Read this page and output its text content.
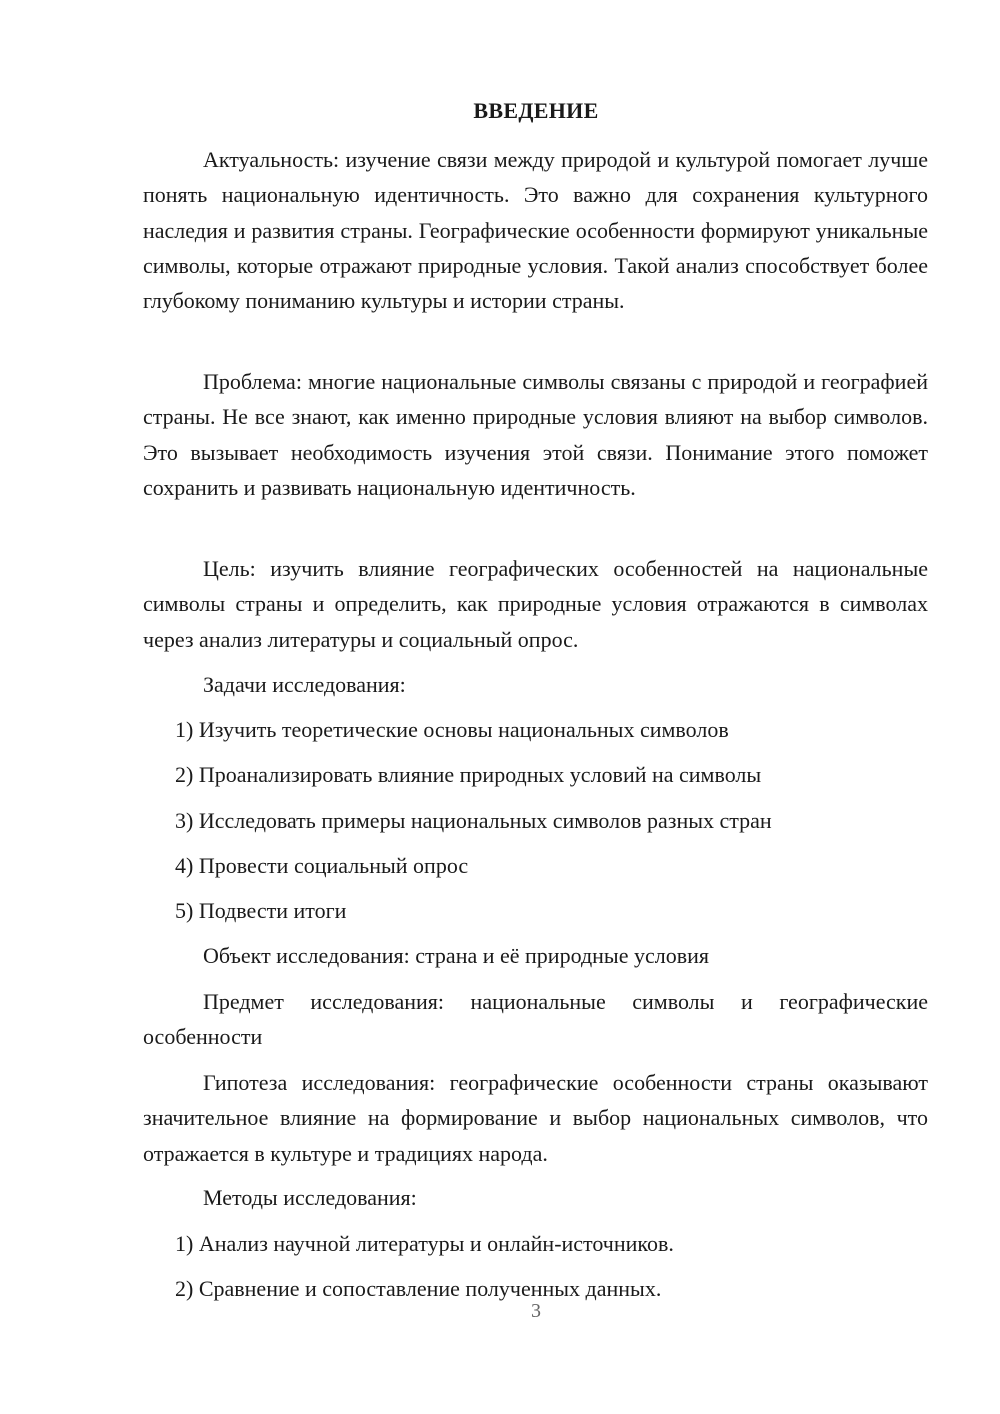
ВВЕДЕНИЕ

Актуальность: изучение связи между природой и культурой помогает лучше понять национальную идентичность. Это важно для сохранения культурного наследия и развития страны. Географические особенности формируют уникальные символы, которые отражают природные условия. Такой анализ способствует более глубокому пониманию культуры и истории страны.

Проблема: многие национальные символы связаны с природой и географией страны. Не все знают, как именно природные условия влияют на выбор символов. Это вызывает необходимость изучения этой связи. Понимание этого поможет сохранить и развивать национальную идентичность.

Цель: изучить влияние географических особенностей на национальные символы страны и определить, как природные условия отражаются в символах через анализ литературы и социальный опрос.

Задачи исследования:

1) Изучить теоретические основы национальных символов

2) Проанализировать влияние природных условий на символы

3) Исследовать примеры национальных символов разных стран

4) Провести социальный опрос

5) Подвести итоги

Объект исследования: страна и её природные условия

Предмет исследования: национальные символы и географические особенности

Гипотеза исследования: географические особенности страны оказывают значительное влияние на формирование и выбор национальных символов, что отражается в культуре и традициях народа.

Методы исследования:

1) Анализ научной литературы и онлайн-источников.

2) Сравнение и сопоставление полученных данных.

3
